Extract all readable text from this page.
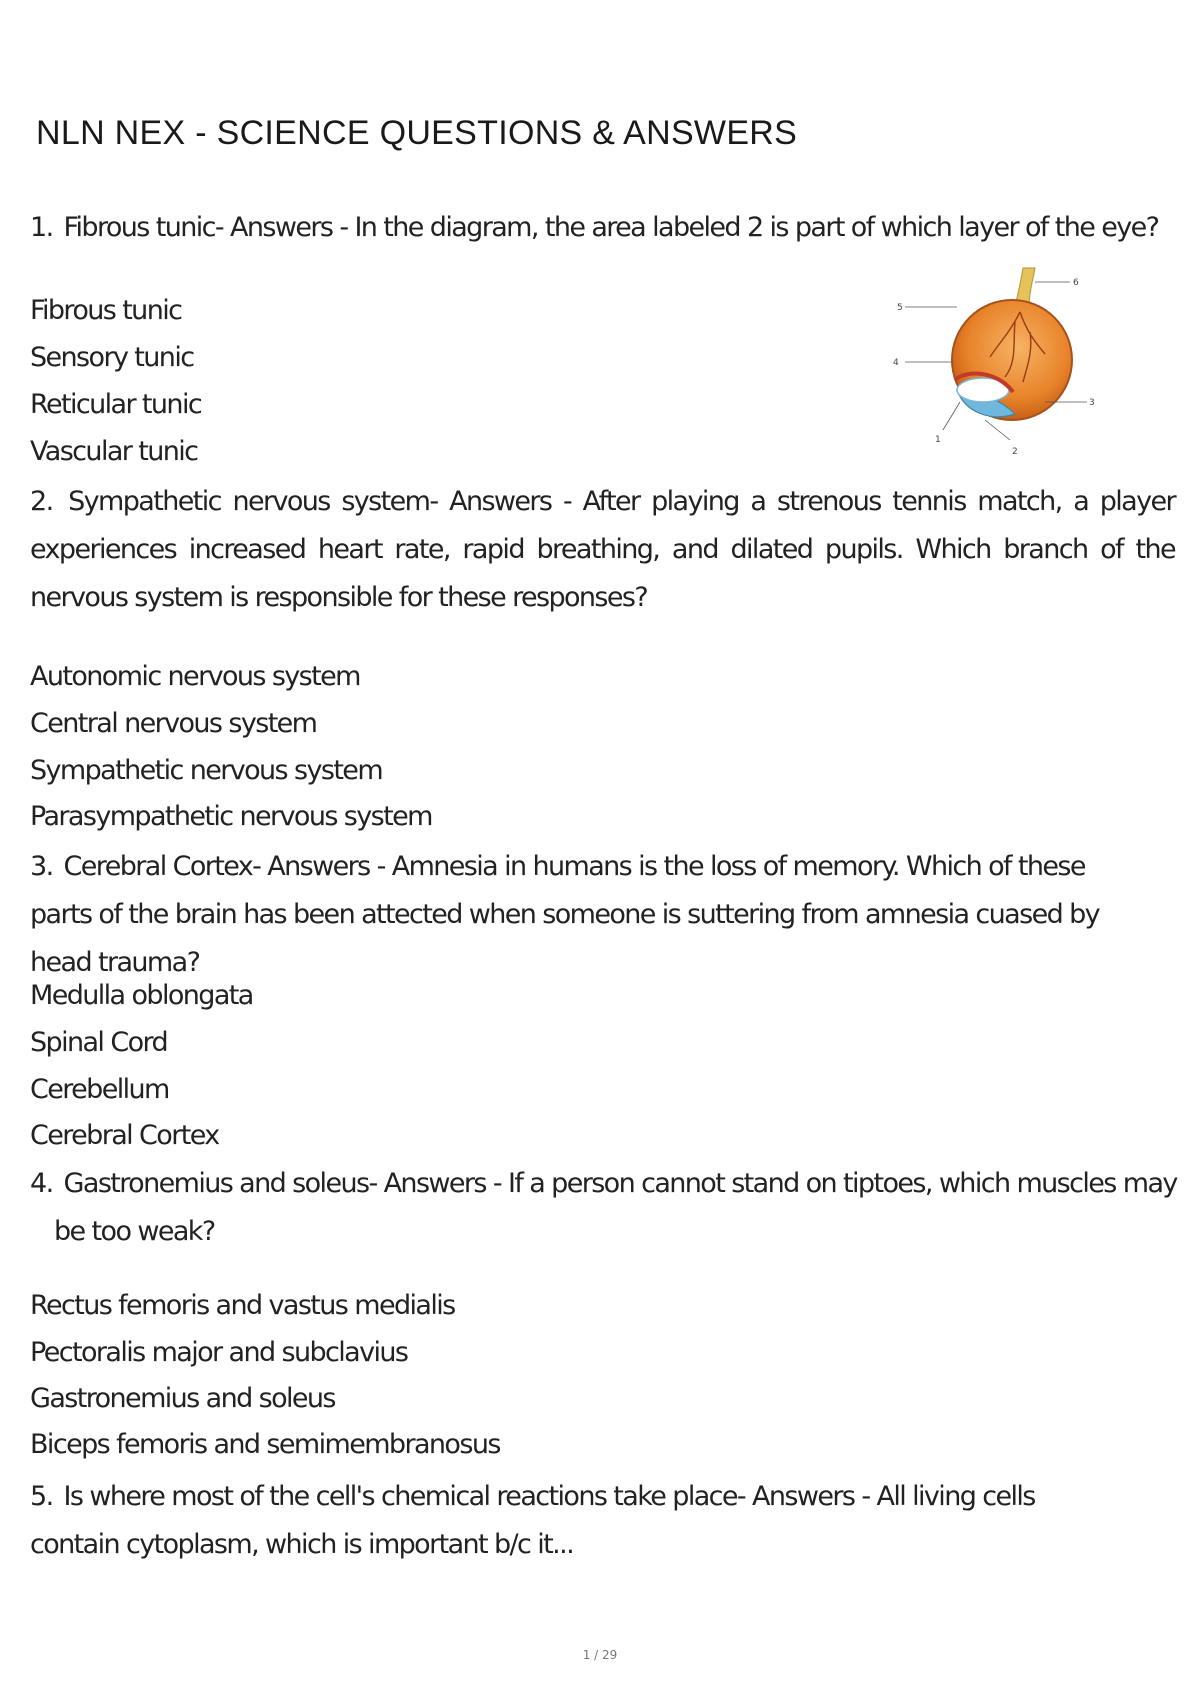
NLN NEX - SCIENCE QUESTIONS & ANSWERS
1. Fibrous tunic- Answers - In the diagram, the area labeled 2 is part of which layer of the eye?
Fibrous tunic
Sensory tunic
Reticular tunic
Vascular tunic
5
4
3
6
1
2
2. Sympathetic nervous system- Answers - After playing a strenous tennis match, a player experiences increased heart rate, rapid breathing, and dilated pupils. Which branch of the nervous system is responsible for these responses?
Autonomic nervous system
Central nervous system
Sympathetic nervous system
Parasympathetic nervous system
3. Cerebral Cortex- Answers - Amnesia in humans is the loss of memory. Which of these parts of the brain has been attected when someone is suttering from amnesia cuased by head trauma?
Medulla oblongata
Spinal Cord
Cerebellum
Cerebral Cortex
4. Gastronemius and soleus- Answers - If a person cannot stand on tiptoes, which muscles may be too weak?
Rectus femoris and vastus medialis
Pectoralis major and subclavius
Gastronemius and soleus
Biceps femoris and semimembranosus
5. Is where most of the cell's chemical reactions take place- Answers - All living cells contain cytoplasm, which is important b/c it...
1 / 29
